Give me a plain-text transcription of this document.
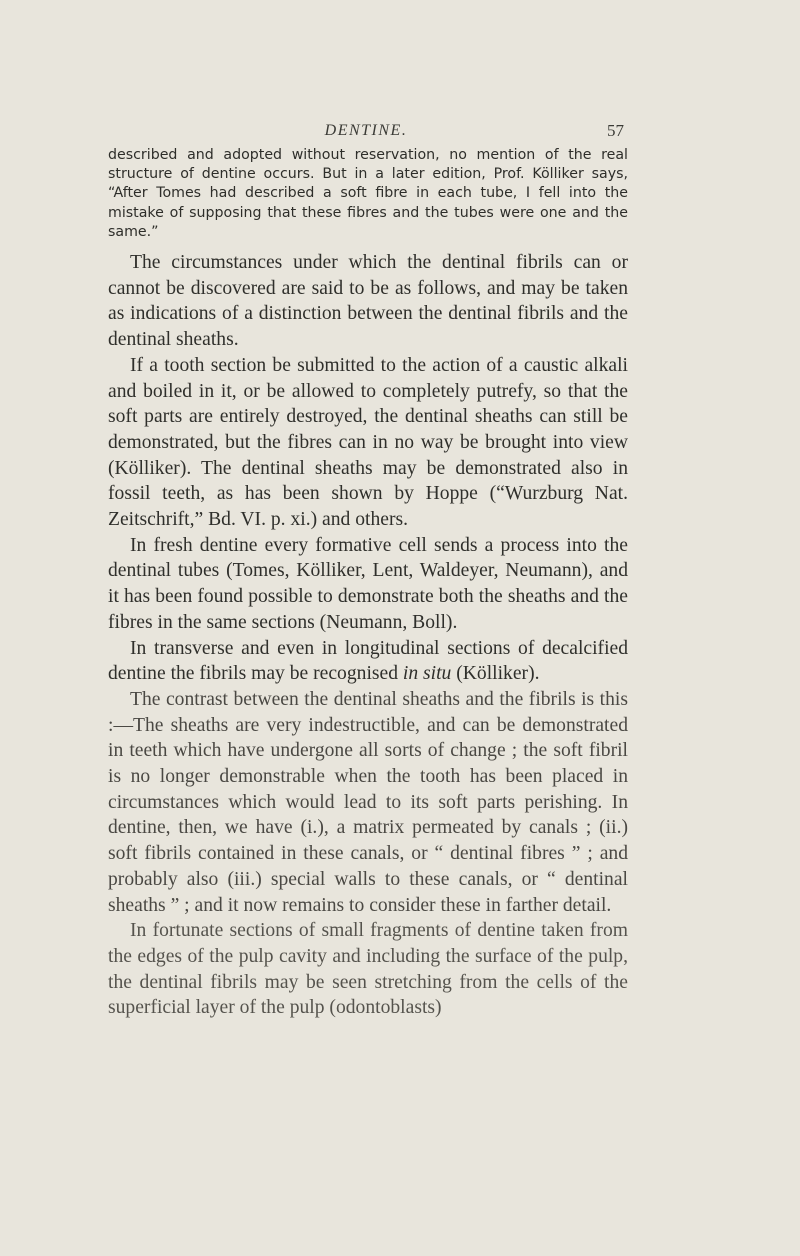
DENTINE.	57

described and adopted without reservation, no mention of the real structure of dentine occurs. But in a later edition, Prof. Kölliker says, “After Tomes had described a soft fibre in each tube, I fell into the mistake of supposing that these fibres and the tubes were one and the same.”

The circumstances under which the dentinal fibrils can or cannot be discovered are said to be as follows, and may be taken as indications of a distinction between the dentinal fibrils and the dentinal sheaths.

If a tooth section be submitted to the action of a caustic alkali and boiled in it, or be allowed to completely putrefy, so that the soft parts are entirely destroyed, the dentinal sheaths can still be demonstrated, but the fibres can in no way be brought into view (Kölliker). The dentinal sheaths may be demonstrated also in fossil teeth, as has been shown by Hoppe (“Wurzburg Nat. Zeitschrift,” Bd. VI. p. xi.) and others.

In fresh dentine every formative cell sends a process into the dentinal tubes (Tomes, Kölliker, Lent, Waldeyer, Neumann), and it has been found possible to demonstrate both the sheaths and the fibres in the same sections (Neumann, Boll).

In transverse and even in longitudinal sections of decalcified dentine the fibrils may be recognised in situ (Kölliker).

The contrast between the dentinal sheaths and the fibrils is this :—The sheaths are very indestructible, and can be demonstrated in teeth which have undergone all sorts of change ; the soft fibril is no longer demonstrable when the tooth has been placed in circumstances which would lead to its soft parts perishing. In dentine, then, we have (i.), a matrix permeated by canals ; (ii.) soft fibrils contained in these canals, or “ dentinal fibres ” ; and probably also (iii.) special walls to these canals, or “ dentinal sheaths ” ; and it now remains to consider these in farther detail.

In fortunate sections of small fragments of dentine taken from the edges of the pulp cavity and including the surface of the pulp, the dentinal fibrils may be seen stretching from the cells of the superficial layer of the pulp (odontoblasts)
